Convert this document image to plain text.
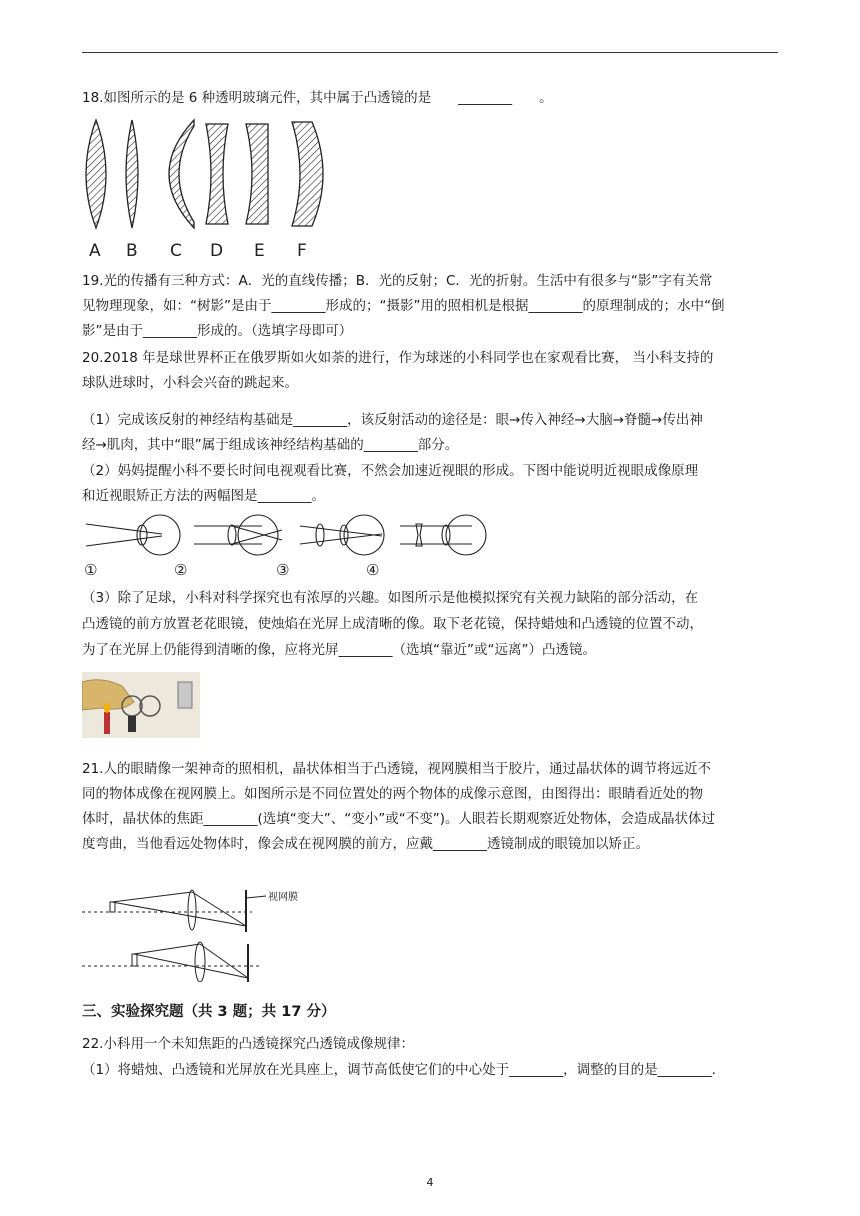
18.如图所示的是 6 种透明玻璃元件，其中属于凸透镜的是　　________　　。
A B C D E F
19.光的传播有三种方式：A．光的直线传播；B．光的反射；C．光的折射。生活中有很多与“影”字有关常
见物理现象，如：“树影”是由于________形成的；“摄影”用的照相机是根据________的原理制成的；水中“倒
影”是由于________形成的。（选填字母即可）
20.2018 年是球世界杯正在俄罗斯如火如荼的进行，作为球迷的小科同学也在家观看比赛， 当小科支持的
球队进球时，小科会兴奋的跳起来。
（1）完成该反射的神经结构基础是________，该反射活动的途径是：眼→传入神经→大脑→脊髓→传出神
经→肌肉，其中“眼”属于组成该神经结构基础的________部分。
（2）妈妈提醒小科不要长时间电视观看比赛，不然会加速近视眼的形成。下图中能说明近视眼成像原理
和近视眼矫正方法的两幅图是________。
①	②	③	④
（3）除了足球，小科对科学探究也有浓厚的兴趣。如图所示是他模拟探究有关视力缺陷的部分活动，在
凸透镜的前方放置老花眼镜，使烛焰在光屏上成清晰的像。取下老花镜，保持蜡烛和凸透镜的位置不动，
为了在光屏上仍能得到清晰的像，应将光屏________（选填“靠近”或“远离”）凸透镜。
21.人的眼睛像一架神奇的照相机，晶状体相当于凸透镜，视网膜相当于胶片，通过晶状体的调节将远近不
同的物体成像在视网膜上。如图所示是不同位置处的两个物体的成像示意图，由图得出：眼睛看近处的物
体时，晶状体的焦距________(选填“变大”、“变小”或“不变”)。人眼若长期观察近处物体，会造成晶状体过
度弯曲，当他看远处物体时，像会成在视网膜的前方，应戴________透镜制成的眼镜加以矫正。
视网膜
三、实验探究题（共 3 题；共 17 分）
22.小科用一个未知焦距的凸透镜探究凸透镜成像规律：
（1）将蜡烛、凸透镜和光屏放在光具座上，调节高低使它们的中心处于________，调整的目的是________.
4
